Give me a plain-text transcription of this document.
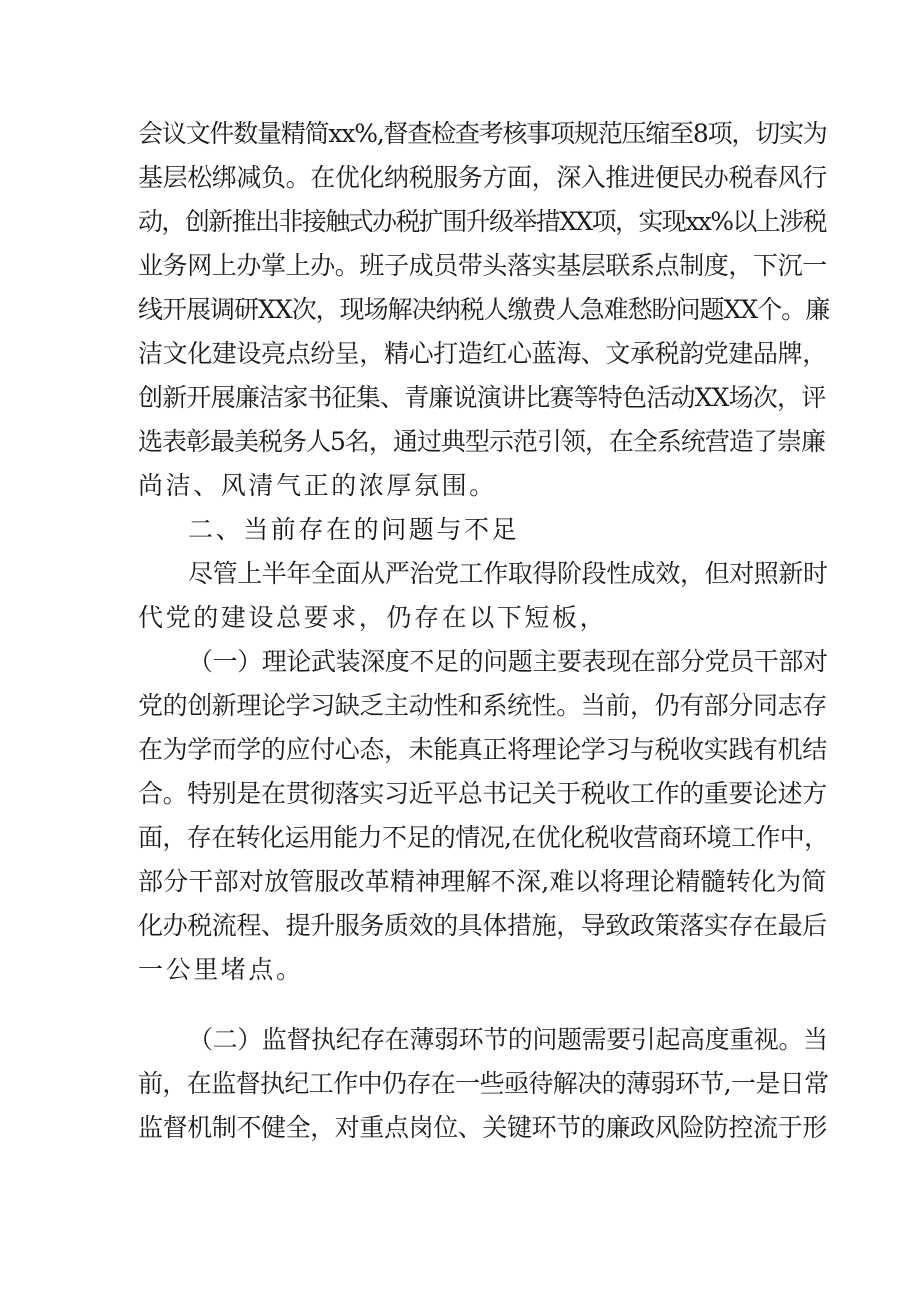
会议文件数量精简xx%,督查检查考核事项规范压缩至8项，切实为
基层松绑减负。在优化纳税服务方面，深入推进便民办税春风行
动，创新推出非接触式办税扩围升级举措XX项，实现xx%以上涉税
业务网上办掌上办。班子成员带头落实基层联系点制度，下沉一
线开展调研XX次，现场解决纳税人缴费人急难愁盼问题XX个。廉
洁文化建设亮点纷呈，精心打造红心蓝海、文承税韵党建品牌，
创新开展廉洁家书征集、青廉说演讲比赛等特色活动XX场次，评
选表彰最美税务人5名，通过典型示范引领，在全系统营造了崇廉
尚洁、风清气正的浓厚氛围。
二、当前存在的问题与不足
尽管上半年全面从严治党工作取得阶段性成效，但对照新时
代党的建设总要求，仍存在以下短板，
（一）理论武装深度不足的问题主要表现在部分党员干部对
党的创新理论学习缺乏主动性和系统性。当前，仍有部分同志存
在为学而学的应付心态，未能真正将理论学习与税收实践有机结
合。特别是在贯彻落实习近平总书记关于税收工作的重要论述方
面，存在转化运用能力不足的情况,在优化税收营商环境工作中，
部分干部对放管服改革精神理解不深,难以将理论精髓转化为简
化办税流程、提升服务质效的具体措施，导致政策落实存在最后
一公里堵点。
（二）监督执纪存在薄弱环节的问题需要引起高度重视。当
前，在监督执纪工作中仍存在一些亟待解决的薄弱环节,一是日常
监督机制不健全，对重点岗位、关键环节的廉政风险防控流于形
